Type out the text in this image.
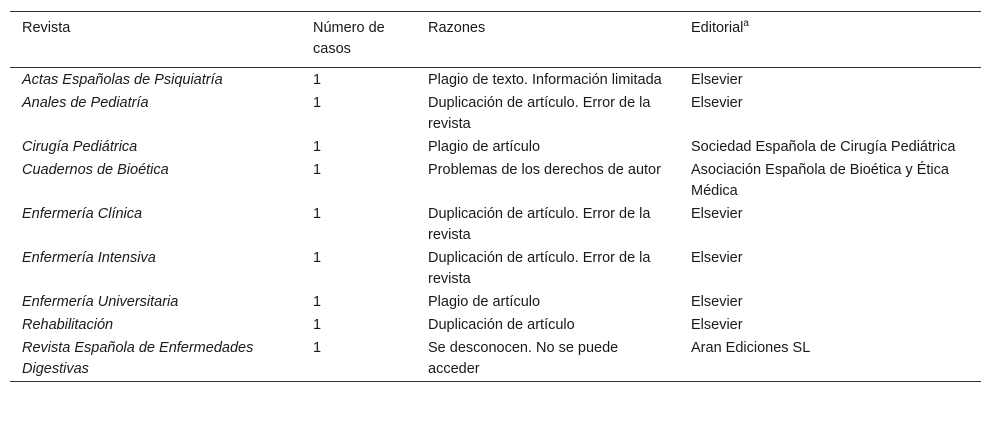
Revista	Número de casos	Razones	Editorial$^a$
Actas Españolas de Psiquiatría	1	Plagio de texto. Información limitada	Elsevier
Anales de Pediatría	1	Duplicación de artículo. Error de la revista	Elsevier
Cirugía Pediátrica	1	Plagio de artículo	Sociedad Española de Cirugía Pediátrica
Cuadernos de Bioética	1	Problemas de los derechos de autor	Asociación Española de Bioética y Ética Médica
Enfermería Clínica	1	Duplicación de artículo. Error de la revista	Elsevier
Enfermería Intensiva	1	Duplicación de artículo. Error de la revista	Elsevier
Enfermería Universitaria	1	Plagio de artículo	Elsevier
Rehabilitación	1	Duplicación de artículo	Elsevier
Revista Española de Enfermedades Digestivas	1	Se desconocen. No se puede acceder	Aran Ediciones SL
